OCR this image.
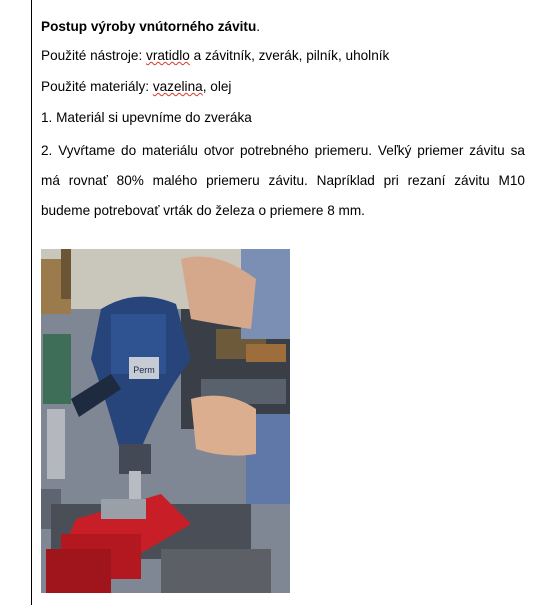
Postup výroby vnútorného závitu.

Použité nástroje: vratidlo a závitník, zverák, pilník, uholník

Použité materiály: vazelina, olej

1. Materiál si upevníme do zveráka

2. Vyvŕtame do materiálu otvor potrebného priemeru. Veľký priemer závitu sa má rovnať 80% malého priemeru závitu. Napríklad pri rezaní závitu M10 budeme potrebovať vrták do železa o priemere 8 mm.

Perm
